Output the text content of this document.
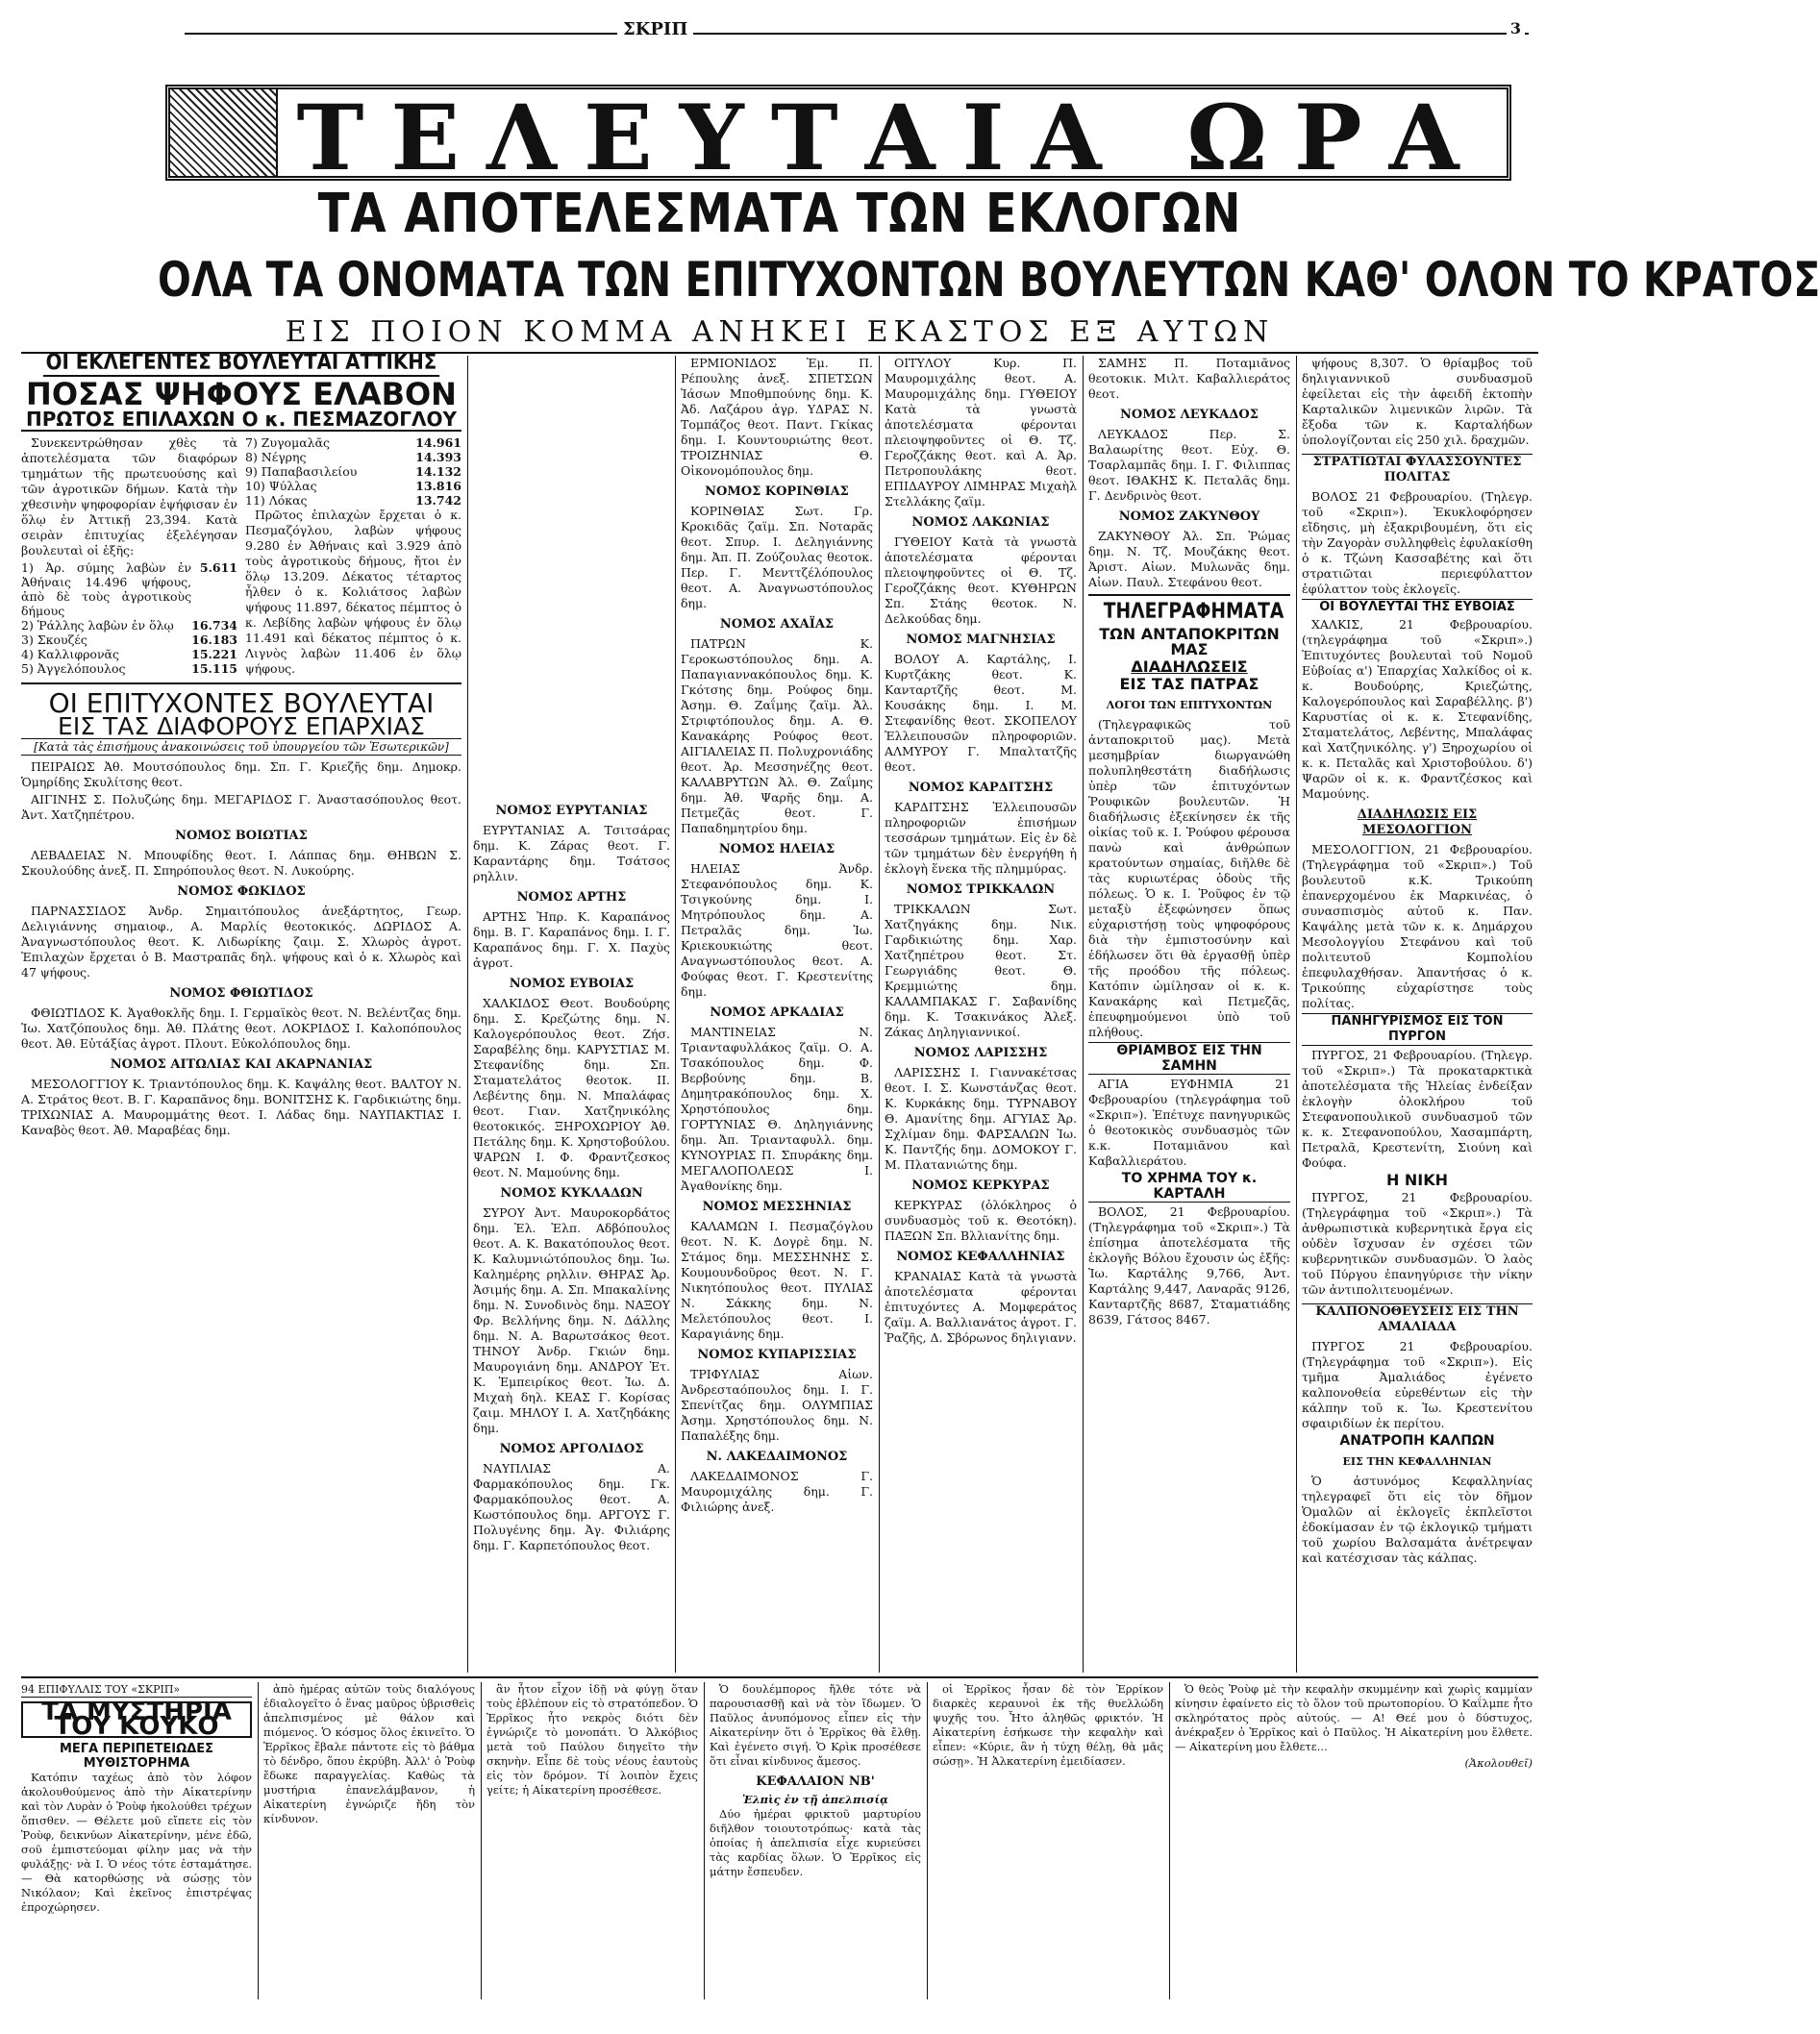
ΣΚΡΙΠ	3
ΤΕΛΕΥΤΑΙΑ ΩΡΑ
ΤΑ ΑΠΟΤΕΛΕΣΜΑΤΑ ΤΩΝ ΕΚΛΟΓΩΝ
ΟΛΑ ΤΑ ΟΝΟΜΑΤΑ ΤΩΝ ΕΠΙΤΥΧΟΝΤΩΝ ΒΟΥΛΕΥΤΩΝ ΚΑΘ' ΟΛΟΝ ΤΟ ΚΡΑΤΟΣ
ΕΙΣ ΠΟΙΟΝ ΚΟΜΜΑ ΑΝΗΚΕΙ ΕΚΑΣΤΟΣ ΕΞ ΑΥΤΩΝ
ΟΙ ΕΚΛΕΓΕΝΤΕΣ ΒΟΥΛΕΥΤΑΙ ΑΤΤΙΚΗΣ
ΠΟΣΑΣ ΨΗΦΟΥΣ ΕΛΑΒΟΝ
ΠΡΩΤΟΣ ΕΠΙΛΑΧΩΝ Ο κ. ΠΕΣΜΑΖΟΓΛΟΥ

Συνεκεντρώθησαν χθὲς τὰ ἀποτελέσματα τῶν διαφόρων τμημάτων τῆς πρωτευούσης καὶ τῶν ἀγροτικῶν δήμων. Κατὰ τὴν χθεσινὴν ψηφοφορίαν ἐψήφισαν ἐν ὅλῳ ἐν Ἀττικῇ 23,394. Κατὰ σειρὰν ἐπιτυχίας ἐξελέγησαν βουλευταὶ οἱ ἑξῆς:

1) Ἀρ. σύμης λαβὼν ἐν Ἀθήναις 14.496 ψήφους, ἀπὸ δὲ τοὺς ἀγροτικοὺς δήμους	5.611
2) Ῥάλλης λαβὼν ἐν ὅλῳ	16.734
3) Σκουζές	16.183
4) Καλλιφρονᾶς	15.221
5) Ἀγγελόπουλος	15.115
7) Ζυγομαλᾶς	14.961
8) Νέγρης	14.393
9) Παπαβασιλείου	14.132
10) Ψύλλας	13.816
11) Λόκας	13.742

Πρῶτος ἐπιλαχὼν ἔρχεται ὁ κ. Πεσμαζόγλου, λαβὼν ψήφους 9.280 ἐν Ἀθήναις καὶ 3.929 ἀπὸ τοὺς ἀγροτικοὺς δήμους, ἤτοι ἐν ὅλῳ 13.209. Δέκατος τέταρτος ἦλθεν ὁ κ. Κολιάτσος λαβὼν ψήφους 11.897, δέκατος πέμπτος ὁ κ. Λεβίδης λαβὼν ψήφους ἐν ὅλῳ 11.491 καὶ δέκατος πέμπτος ὁ κ. Λιγνὸς λαβὼν 11.406 ἐν ὅλῳ ψήφους.

ΟΙ ΕΠΙΤΥΧΟΝΤΕΣ ΒΟΥΛΕΥΤΑΙ
ΕΙΣ ΤΑΣ ΔΙΑΦΟΡΟΥΣ ΕΠΑΡΧΙΑΣ
[Κατὰ τὰς ἐπισήμους ἀνακοινώσεις τοῦ ὑπουργείου τῶν Ἐσωτερικῶν]

ΠΕΙΡΑΙΩΣ Ἀθ. Μουτσόπουλος δημ. Σπ. Γ. Κριεζῆς δημ. Δημοκρ. Ὁμηρίδης Σκυλίτσης θεοτ.

ΑΙΓΙΝΗΣ Σ. Πολυζώης δημ. ΜΕΓΑΡΙΔΟΣ Γ. Ἀναστασόπουλος θεοτ. Ἀντ. Χατζηπέτρου.

ΝΟΜΟΣ ΒΟΙΩΤΙΑΣ

ΛΕΒΑΔΕΙΑΣ Ν. Μπουφίδης θεοτ. Ι. Λάππας δημ. ΘΗΒΩΝ Σ. Σκουλούδης ἀνεξ. Π. Σπηρόπουλος θεοτ. Ν. Λυκούρης.

ΝΟΜΟΣ ΦΩΚΙΔΟΣ

ΠΑΡΝΑΣΣΙΔΟΣ Ἀνδρ. Σημαιτόπουλος ἀνεξάρτητος, Γεωρ. Δελιγιάννης σημαιοφ., Α. Μαρλίς θεοτοκικός. ΔΩΡΙΔΟΣ Α. Ἀναγνωστόπουλος θεοτ. Κ. Λιδωρίκης ζαιμ. Σ. Χλωρὸς ἀγροτ. Ἐπιλαχὼν ἔρχεται ὁ Β. Μαστραπᾶς δηλ. ψήφους καὶ ὁ κ. Χλωρὸς καὶ 47 ψήφους.

ΝΟΜΟΣ ΦΘΙΩΤΙΔΟΣ

ΦΘΙΩΤΙΔΟΣ Κ. Ἀγαθοκλῆς δημ. Ι. Γερμαϊκὸς θεοτ. Ν. Βελέντζας δημ. Ἰω. Χατζόπουλος δημ. Ἀθ. Πλάτης θεοτ. ΛΟΚΡΙΔΟΣ Ι. Καλοπόπουλος θεοτ. Ἀθ. Εὐτάξίας ἀγροτ. Πλουτ. Εὐκολόπουλος δημ.

ΝΟΜΟΣ ΑΙΤΩΛΙΑΣ ΚΑΙ ΑΚΑΡΝΑΝΙΑΣ

ΜΕΣΟΛΟΓΓΙΟΥ Κ. Τριαντόπουλος δημ. Κ. Καψάλης θεοτ. ΒΑΛΤΟΥ Ν. Α. Στράτος θεοτ. Β. Γ. Καραπᾶνος δημ. ΒΟΝΙΤΣΗΣ Κ. Γαρδικιώτης δημ. ΤΡΙΧΩΝΙΑΣ Α. Μαυρομμάτης θεοτ. Ι. Λάδας δημ. ΝΑΥΠΑΚΤΙΑΣ Ι. Καναβὸς θεοτ. Ἀθ. Μαραβέας δημ.

ΝΟΜΟΣ ΕΥΡΥΤΑΝΙΑΣ

ΕΥΡΥΤΑΝΙΑΣ Α. Τσιτσάρας δημ. Κ. Ζάρας θεοτ. Γ. Καραντάρης δημ. Τσάτσος ρηλλιν.

ΝΟΜΟΣ ΑΡΤΗΣ

ΑΡΤΗΣ Ἠπρ. Κ. Καραπάνος δημ. Β. Γ. Καραπάνος δημ. Ι. Γ. Καραπάνος δημ. Γ. Χ. Παχὺς ἀγροτ.

ΝΟΜΟΣ ΕΥΒΟΙΑΣ

ΧΑΛΚΙΔΟΣ Θεοτ. Βουδούρης δημ. Σ. Κρεζώτης δημ. Ν. Καλογερόπουλος θεοτ. Ζήσ. Σαραβέλης δημ. ΚΑΡΥΣΤΙΑΣ Μ. Στεφανίδης δημ. Σπ. Σταματελάτος θεοτοκ. ΙΙ. Λεβέντης δημ. Ν. Μπαλάφας θεοτ. Γιαν. Χατζηνικόλης θεοτοκικός. ΞΗΡΟΧΩΡΙΟΥ Ἀθ. Πετάλης δημ. Κ. Χρηστοβούλου. ΨΑΡΩΝ Ι. Φ. Φραντζεσκος θεοτ. Ν. Μαμούνης δημ.

ΝΟΜΟΣ ΚΥΚΛΑΔΩΝ

ΣΥΡΟΥ Ἀντ. Μαυροκορδάτος δημ. Ἐλ. Ἐλπ. Αδβόπουλος θεοτ. Α. Κ. Βακατόπουλος θεοτ. Κ. Καλυμνιώτόπουλος δημ. Ἰω. Καλημέρης ρηλλιν. ΘΗΡΑΣ Ἀρ. Ἀσιμής δημ. Α. Σπ. Μπακαλίνης δημ. Ν. Συνοδινὸς δημ. ΝΑΞΟΥ Φρ. Βελλήνης δημ. Ν. Δάλλης δημ. Ν. Α. Βαρωτσάκος θεοτ. ΤΗΝΟΥ Ἀνδρ. Γκιών δημ. Μαυρογιάνη δημ. ΑΝΔΡΟΥ Ἐτ. Κ. Ἐμπειρίκος θεοτ. Ἰω. Δ. Μιχαὴ δηλ. ΚΕΑΣ Γ. Κορίσας ζαιμ. ΜΗΛΟΥ Ι. Α. Χατζηδάκης δημ.

ΝΟΜΟΣ ΑΡΓΟΛΙΔΟΣ

ΝΑΥΠΛΙΑΣ Α. Φαρμακόπουλος δημ. Γκ. Φαρμακόπουλος θεοτ. Α. Κωστόπουλος δημ. ΑΡΓΟΥΣ Γ. Πολυγένης δημ. Ἀγ. Φιλιάρης δημ. Γ. Καρπετόπουλος θεοτ.

ΕΡΜΙΟΝΙΔΟΣ Ἐμ. Π. Ρέπουλης ἀνεξ. ΣΠΕΤΣΩΝ Ἰάσων Μποθμπούνης δημ. Κ. Ἀδ. Λαζάρου ἀγρ. ΥΔΡΑΣ Ν. Τομπάζος θεοτ. Παντ. Γκίκας δημ. Ι. Κουντουριώτης θεοτ. ΤΡΟΙΖΗΝΙΑΣ Θ. Οἰκονομόπουλος δημ.

ΝΟΜΟΣ ΚΟΡΙΝΘΙΑΣ

ΚΟΡΙΝΘΙΑΣ Σωτ. Γρ. Κροκιδᾶς ζαϊμ. Σπ. Νοταρᾶς θεοτ. Σπυρ. Ι. Δεληγιάννης δημ. Ἀπ. Π. Ζούζουλας θεοτοκ. Περ. Γ. Μενττζέλόπουλος θεοτ. Α. Ἀναγνωστόπουλος δημ.

ΝΟΜΟΣ ΑΧΑΪΑΣ

ΠΑΤΡΩΝ Κ. Γεροκωστόπουλος δημ. Α. Παπαγιαννακόπουλος δημ. Κ. Γκότσης δημ. Ρούφος δημ. Ἀσημ. Θ. Ζαΐμης ζαϊμ. Ἀλ. Στριφτόπουλος δημ. Α. Θ. Κανακάρης Ρούφος θεοτ. ΑΙΓΙΑΛΕΙΑΣ Π. Πολυχρονιάδης θεοτ. Ἀρ. Μεσσηνέζης θεοτ. ΚΑΛΑΒΡΥΤΩΝ Ἀλ. Θ. Ζαΐμης δημ. Ἀθ. Ψαρῆς δημ. Α. Πετμεζᾶς θεοτ. Γ. Παπαδημητρίου δημ.

ΝΟΜΟΣ ΗΛΕΙΑΣ

ΗΛΕΙΑΣ Ἀνδρ. Στεφανόπουλος δημ. Κ. Τσιγκούνης δημ. Ι. Μητρόπουλος δημ. Α. Πετραλᾶς δημ. Ἰω. Κριεκουκιώτης θεοτ. Αναγνωστόπουλος θεοτ. Α. Φούφας θεοτ. Γ. Κρεστενίτης δημ.

ΝΟΜΟΣ ΑΡΚΑΔΙΑΣ

ΜΑΝΤΙΝΕΙΑΣ Ν. Τριανταφυλλάκος ζαϊμ. Ο. Α. Τσακόπουλος δημ. Φ. Βερβούνης δημ. Β. Δημητρακόπουλος δημ. Χ. Χρηστόπουλος δημ. ΓΟΡΤΥΝΙΑΣ Θ. Δηληγιάννης δημ. Ἀπ. Τριανταφυλλ. δημ. ΚΥΝΟΥΡΙΑΣ Π. Σπυράκης δημ. ΜΕΓΑΛΟΠΟΛΕΩΣ Ι. Ἀγαθονίκης δημ.

ΝΟΜΟΣ ΜΕΣΣΗΝΙΑΣ

ΚΑΛΑΜΩΝ Ι. Πεσμαζόγλου θεοτ. Ν. Κ. Δογρὲ δημ. Ν. Στάμος δημ. ΜΕΣΣΗΝΗΣ Σ. Κουμουνδοῦρος θεοτ. Ν. Γ. Νικητόπουλος θεοτ. ΠΥΛΙΑΣ Ν. Σάκκης δημ. Ν. Μελετόπουλος θεοτ. Ι. Καραγιάνης δημ.

ΝΟΜΟΣ ΚΥΠΑΡΙΣΣΙΑΣ

ΤΡΙΦΥΛΙΑΣ Αἰων. Ἀνδρεσταόπουλος δημ. Ι. Γ. Σπενίτζας δημ. ΟΛΥΜΠΙΑΣ Ἀσημ. Χρηστόπουλος δημ. Ν. Παπαλέξης δημ.

Ν. ΛΑΚΕΔΑΙΜΟΝΟΣ

ΛΑΚΕΔΑΙΜΟΝΟΣ Γ. Μαυρομιχάλης δημ. Γ. Φιλιώρης ἀνεξ.

ΟΙΤΥΛΟΥ Κυρ. Π. Μαυρομιχάλης θεοτ. Α. Μαυρομιχάλης δημ. ΓΥΘΕΙΟΥ Κατὰ τὰ γνωστὰ ἀποτελέσματα φέρονται πλειοψηφοῦντες οἱ Θ. Τζ. Γεροζζάκης θεοτ. καὶ Α. Ἀρ. Πετροπουλάκης θεοτ. ΕΠΙΔΑΥΡΟΥ ΛΙΜΗΡΑΣ Μιχαὴλ Στελλάκης ζαϊμ.

ΝΟΜΟΣ ΛΑΚΩΝΙΑΣ

ΓΥΘΕΙΟΥ Κατὰ τὰ γνωστὰ ἀποτελέσματα φέρονται πλειοψηφοῦντες οἱ Θ. Τζ. Γεροζζάκης θεοτ. ΚΥΘΗΡΩΝ Σπ. Στάης θεοτοκ. Ν. Δελκούδας δημ.

ΝΟΜΟΣ ΜΑΓΝΗΣΙΑΣ

ΒΟΛΟΥ Α. Καρτάλης, Ι. Κυρτζάκης θεοτ. Κ. Κανταρτζῆς θεοτ. Μ. Κουσάκης δημ. Ι. Μ. Στεφανίδης θεοτ. ΣΚΟΠΕΛΟΥ Ἐλλειπουσῶν πληροφοριῶν. ΑΛΜΥΡΟΥ Γ. Μπαλτατζῆς θεοτ.

ΝΟΜΟΣ ΚΑΡΔΙΤΣΗΣ

ΚΑΡΔΙΤΣΗΣ Ἐλλειπουσῶν πληροφοριῶν ἐπισήμων τεσσάρων τμημάτων. Εἰς ἐν δὲ τῶν τμημάτων δὲν ἐνεργήθη ἡ ἐκλογὴ ἕνεκα τῆς πλημμύρας.

ΝΟΜΟΣ ΤΡΙΚΚΑΛΩΝ

ΤΡΙΚΚΑΛΩΝ Σωτ. Χατζηγάκης δημ. Νικ. Γαρδικιώτης δημ. Χαρ. Χατζηπέτρου θεοτ. Στ. Γεωργιάδης θεοτ. Θ. Κρεμμιώτης δημ. ΚΑΛΑΜΠΑΚΑΣ Γ. Σαβανίδης δημ. Κ. Τσακινάκος Ἀλεξ. Ζάκας Δηληγιαννικοί.

ΝΟΜΟΣ ΛΑΡΙΣΣΗΣ

ΛΑΡΙΣΣΗΣ Ι. Γιαννακέτσας θεοτ. Ι. Σ. Κωνστάνζας θεοτ. Κ. Κυρκάκης δημ. ΤΥΡΝΑΒΟΥ Θ. Αμανίτης δημ. ΑΓΥΙΑΣ Ἀρ. Σχλίμαν δημ. ΦΑΡΣΑΛΩΝ Ἰω. Κ. Παντζής δημ. ΔΟΜΟΚΟΥ Γ. Μ. Πλατανιώτης δημ.

ΝΟΜΟΣ ΚΕΡΚΥΡΑΣ

ΚΕΡΚΥΡΑΣ (ὁλόκληρος ὁ συνδυασμὸς τοῦ κ. Θεοτόκη). ΠΑΞΩΝ Σπ. Βλλιανίτης δημ.

ΝΟΜΟΣ ΚΕΦΑΛΛΗΝΙΑΣ

ΚΡΑΝΑΙΑΣ Κατὰ τὰ γνωστὰ ἀποτελέσματα φέρονται ἐπιτυχόντες Α. Μομφεράτος ζαϊμ. Α. Βαλλιανάτος ἀγροτ. Γ. Ῥαζῆς, Δ. Σβόρωνος δηλιγιανν.

ΣΑΜΗΣ Π. Ποταμιᾶνος θεοτοκικ. Μιλτ. Καβαλλιεράτος θεοτ.

ΝΟΜΟΣ ΛΕΥΚΑΔΟΣ

ΛΕΥΚΑΔΟΣ Περ. Σ. Βαλαωρίτης θεοτ. Εὐχ. Θ. Τσαρλαμπᾶς δημ. Ι. Γ. Φιλιππας θεοτ. ΙΘΑΚΗΣ Κ. Πεταλᾶς δημ. Γ. Δενδρινὸς θεοτ.

ΝΟΜΟΣ ΖΑΚΥΝΘΟΥ

ΖΑΚΥΝΘΟΥ Ἀλ. Σπ. Ῥώμας δημ. Ν. Τζ. Μουζάκης θεοτ. Ἀριστ. Αἰων. Μυλωνᾶς δημ. Αἰων. Παυλ. Στεφάνου θεοτ.

ΤΗΛΕΓΡΑΦΗΜΑΤΑ
ΤΩΝ ΑΝΤΑΠΟΚΡΙΤΩΝ ΜΑΣ
ΔΙΑΔΗΛΩΣΕΙΣ
ΕΙΣ ΤΑΣ ΠΑΤΡΑΣ
ΛΟΓΟΙ ΤΩΝ ΕΠΙΤΥΧΟΝΤΩΝ

(Τηλεγραφικῶς τοῦ ἀνταποκριτοῦ μας). Μετὰ μεσημβρίαν διωργανώθη πολυπληθεστάτη διαδήλωσις ὑπὲρ τῶν ἐπιτυχόντων Ῥουφικῶν βουλευτῶν. Ἡ διαδήλωσις ἐξεκίνησεν ἐκ τῆς οἰκίας τοῦ κ. Ι. Ῥούφου φέρουσα πανὼ καὶ ἀνθρώπων κρατούντων σημαίας, διῆλθε δὲ τὰς κυριωτέρας ὁδοὺς τῆς πόλεως. Ὁ κ. Ι. Ῥοῦφος ἐν τῷ μεταξὺ ἐξεφώνησεν ὅπως εὐχαριστήσῃ τοὺς ψηφοφόρους διὰ τὴν ἐμπιστοσύνην καὶ ἐδήλωσεν ὅτι θὰ ἐργασθῇ ὑπὲρ τῆς προόδου τῆς πόλεως. Κατόπιν ὡμίλησαν οἱ κ. κ. Κανακάρης καὶ Πετμεζᾶς, ἐπευφημούμενοι ὑπὸ τοῦ πλήθους.

ΘΡΙΑΜΒΟΣ ΕΙΣ ΤΗΝ ΣΑΜΗΝ

ΑΓΙΑ ΕΥΦΗΜΙΑ 21 Φεβρουαρίου (τηλεγράφημα τοῦ «Σκριπ»). Ἐπέτυχε πανηγυρικῶς ὁ θεοτοκικὸς συνδυασμὸς τῶν κ.κ. Ποταμιᾶνου καὶ Καβαλλιεράτου.

ΤΟ ΧΡΗΜΑ ΤΟΥ κ. ΚΑΡΤΑΛΗ

ΒΟΛΟΣ, 21 Φεβρουαρίου. (Τηλεγράφημα τοῦ «Σκριπ».) Τὰ ἐπίσημα ἀποτελέσματα τῆς ἐκλογῆς Βόλου ἔχουσιν ὡς ἑξῆς: Ἰω. Καρτάλης 9,766, Ἀντ. Καρτάλης 9,447, Λαναρᾶς 9126, Κανταρτζῆς 8687, Σταματιάδης 8639, Γάτσος 8467.

ψήφους 8,307. Ὁ θρίαμβος τοῦ δηλιγιαννικοῦ συνδυασμοῦ ἐφείλεται εἰς τὴν ἀφειδῆ ἐκτοπὴν Καρταλικῶν λιμενικῶν λιρῶν. Τὰ ἔξοδα τῶν κ. Καρταλήδων ὑπολογίζονται εἰς 250 χιλ. δραχμῶν.

ΣΤΡΑΤΙΩΤΑΙ ΦΥΛΑΣΣΟΥΝΤΕΣ ΠΟΛΙΤΑΣ

ΒΟΛΟΣ 21 Φεβρουαρίου. (Τηλεγρ. τοῦ «Σκριπ»). Ἐκυκλοφόρησεν εἴδησις, μὴ ἐξακριβουμένη, ὅτι εἰς τὴν Ζαγορὰν συλληφθεὶς ἐφυλακίσθη ὁ κ. Τζώνη Κασσαβέτης καὶ ὅτι στρατιῶται περιεφύλαττον ἐφύλαττον τοὺς ἐκλογεῖς.

ΟΙ ΒΟΥΛΕΥΤΑΙ ΤΗΣ ΕΥΒΟΙΑΣ

ΧΑΛΚΙΣ, 21 Φεβρουαρίου. (τηλεγράφημα τοῦ «Σκριπ».) Ἐπιτυχόντες βουλευταὶ τοῦ Νομοῦ Εὐβοίας α') Ἐπαρχίας Χαλκίδος οἱ κ. κ. Βουδούρης, Κριεζώτης, Καλογερόπουλος καὶ Σαραβέλλης. β') Καρυστίας οἱ κ. κ. Στεφανίδης, Σταματελάτος, Λεβέντης, Μπαλάφας καὶ Χατζηνικόλης. γ') Ξηροχωρίου οἱ κ. κ. Πεταλᾶς καὶ Χριστοβούλου. δ') Ψαρῶν οἱ κ. κ. Φραντζέσκος καὶ Μαμούνης.

ΔΙΑΔΗΛΩΣΙΣ ΕΙΣ ΜΕΣΟΛΟΓΓΙΟΝ

ΜΕΣΟΛΟΓΓΙΟΝ, 21 Φεβρουαρίου. (Τηλεγράφημα τοῦ «Σκριπ».) Τοῦ βουλευτοῦ κ.Κ. Τρικούπη ἐπανερχομένου ἐκ Μαρκινέας, ὁ συνασπισμὸς αὐτοῦ κ. Παν. Καψάλης μετὰ τῶν κ. κ. Δημάρχου Μεσολογγίου Στεφάνου καὶ τοῦ πολιτευτοῦ Κομπολίου ἐπεφυλαχθήσαν. Ἁπαντήσας ὁ κ. Τρικούπης εὐχαρίστησε τοὺς πολίτας.

ΠΑΝΗΓΥΡΙΣΜΟΣ ΕΙΣ ΤΟΝ ΠΥΡΓΟΝ

ΠΥΡΓΟΣ, 21 Φεβρουαρίου. (Τηλεγρ. τοῦ «Σκριπ».) Τὰ προκαταρκτικὰ ἀποτελέσματα τῆς Ἠλείας ἐνδείξαν ἐκλογὴν ὁλοκλήρου τοῦ Στεφανοπουλικοῦ συνδυασμοῦ τῶν κ. κ. Στεφανοπούλου, Χασαμπάρτη, Πετραλᾶ, Κρεστενίτη, Σιούνη καὶ Φούφα.

Η ΝΙΚΗ

ΠΥΡΓΟΣ, 21 Φεβρουαρίου. (Τηλεγράφημα τοῦ «Σκριπ».) Τὰ ἀνθρωπιστικὰ κυβερνητικὰ ἔργα εἰς οὐδὲν ἴσχυσαν ἐν σχέσει τῶν κυβερνητικῶν συνδυασμῶν. Ὁ λαὸς τοῦ Πύργου ἐπανηγύρισε τὴν νίκην τῶν ἀντιπολιτευομένων.

ΚΑΛΠΟΝΟΘΕΥΣΕΙΣ ΕΙΣ ΤΗΝ ΑΜΑΛΙΑΔΑ

ΠΥΡΓΟΣ 21 Φεβρουαρίου. (Τηλεγράφημα τοῦ «Σκριπ»). Εἰς τμῆμα Ἀμαλιάδος ἐγένετο καλπονοθεία εὐρεθέντων εἰς τὴν κάλπην τοῦ κ. Ἰω. Κρεστενίτου σφαιριδίων ἐκ περίτου.

ΑΝΑΤΡΟΠΗ ΚΑΛΠΩΝ
ΕΙΣ ΤΗΝ ΚΕΦΑΛΛΗΝΙΑΝ

Ὁ ἀστυνόμος Κεφαλληνίας τηλεγραφεῖ ὅτι εἰς τὸν δῆμον Ὁμαλῶν αἱ ἐκλογεῖς ἐκπλεῖστοι ἐδοκίμασαν ἐν τῷ ἐκλογικῷ τμήματι τοῦ χωρίου Βαλσαμάτα ἀνέτρεψαν καὶ κατέσχισαν τὰς κάλπας.

94 ΕΠΙΦΥΛΛΙΣ ΤΟΥ «ΣΚΡΙΠ»
ΤΑ ΜΥΣΤΗΡΙΑ ΤΟΥ ΚΟΥΚΟ
ΜΕΓΑ ΠΕΡΙΠΕΤΕΙΩΔΕΣ ΜΥΘΙΣΤΟΡΗΜΑ

Κατόπιν ταχέως ἀπὸ τὸν λόφον ἀκολουθούμενος ἀπὸ τὴν Αἰκατερίνην καὶ τὸν Λυρὰν ὁ Ῥοὺφ ἠκολούθει τρέχων ὄπισθεν. — Θέλετε μοῦ εἴπετε εἰς τὸν Ῥοὺφ, δεικνύων Αἰκατερίνην, μένε ἐδῶ, σοῦ ἐμπιστεύομαι φίλην μας νὰ τὴν φυλάξῃς· νὰ Ι. Ὁ νέος τότε ἐσταμάτησε. — Θὰ κατορθώσῃς νὰ σώσῃς τὸν Νικόλαον; Καὶ ἐκεῖνος ἐπιστρέψας ἐπροχώρησεν.

ἀπὸ ἡμέρας αὐτῶν τοὺς διαλόγους ἐδιαλογεῖτο ὁ ἕνας μαῦρος ὑβρισθεὶς ἀπελπισμένος μὲ θάλον καὶ πιόμενος. Ὁ κόσμος ὅλος ἐκινεῖτο. Ὁ Ἐρρῖκος ἔβαλε πάντοτε εἰς τὸ βάθμα τὸ δένδρο, ὅπου ἐκρύβη. Ἀλλ' ὁ Ῥοὺφ ἔδωκε παραγγελίας. Καθὼς τὰ μυστήρια ἐπανελάμβανον, ἡ Αἰκατερίνη ἐγνώριζε ἤδη τὸν κίνδυνον.

ἂν ἦτον εἶχον ἰδῇ νὰ φύγῃ ὅταν τοὺς ἐβλέπουν εἰς τὸ στρατόπεδον. Ὁ Ἐρρῖκος ἦτο νεκρὸς διότι δὲν ἐγνώριζε τὸ μονοπάτι. Ὁ Ἀλκόβιος μετὰ τοῦ Παύλου διηγεῖτο τὴν σκηνὴν. Εἶπε δὲ τοὺς νέους ἑαυτοὺς εἰς τὸν δρόμον. Τί λοιπὸν ἔχεις γείτε; ἡ Αἰκατερίνη προσέθεσε.

Ὁ δουλέμπορος ἤλθε τότε νὰ παρουσιασθῇ καὶ νὰ τὸν ἴδωμεν. Ὁ Παῦλος ἀνυπόμονος εἶπεν εἰς τὴν Αἰκατερίνην ὅτι ὁ Ἐρρῖκος θὰ ἔλθῃ. Καὶ ἐγένετο σιγή. Ὁ Κρὶκ προσέθεσε ὅτι εἶναι κίνδυνος ἄμεσος.

ΚΕΦΑΛΑΙΟΝ ΝΒ'
Ἐλπὶς ἐν τῇ ἀπελπισίᾳ

Δύο ἡμέραι φρικτοῦ μαρτυρίου διῆλθον τοιουτοτρόπως· κατὰ τὰς ὁποίας ἡ ἀπελπισία εἶχε κυριεύσει τὰς καρδίας ὅλων. Ὁ Ἐρρῖκος εἰς μάτην ἔσπευδεν.

οἱ Ἐρρῖκος ἦσαν δὲ τὸν Ἐρρίκον διαρκὲς κεραυνοὶ ἐκ τῆς θυελλώδη ψυχῆς του. Ἦτο ἀληθῶς φρικτόν. Ἡ Αἰκατερίνη ἐσήκωσε τὴν κεφαλὴν καὶ εἶπεν: «Κύριε, ἂν ἡ τύχη θέλῃ, θὰ μᾶς σώσῃ». Ἡ Ἀλκατερίνη ἐμειδίασεν.

Ὁ θεὸς Ῥοὺφ μὲ τὴν κεφαλὴν σκυμμένην καὶ χωρὶς καμμίαν κίνησιν ἐφαίνετο εἰς τὸ ὅλον τοῦ πρωτοπορίου. Ὁ Καΐλμπε ἦτο σκληρότατος πρὸς αὐτούς. — Α! Θεέ μου ὁ δύστυχος, ἀνέκραξεν ὁ Ἐρρῖκος καὶ ὁ Παῦλος. Ἡ Αἰκατερίνη μου ἔλθετε. — Αἰκατερίνη μου ἔλθετε...

(Ἀκολουθεῖ)
